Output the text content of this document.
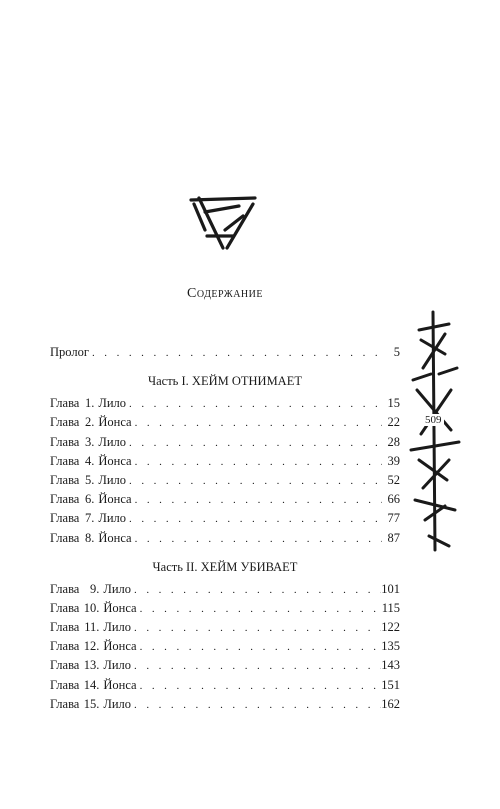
Содержание
Пролог . . .	5
Часть I. ХЕЙМ ОТНИМАЕТ
Глава 1. Лило . . .	15
Глава 2. Йонса . . .	22
Глава 3. Лило . . .	28
Глава 4. Йонса . . .	39
Глава 5. Лило . . .	52
Глава 6. Йонса . . .	66
Глава 7. Лило . . .	77
Глава 8. Йонса . . .	87
Часть II. ХЕЙМ УБИВАЕТ
Глава 9. Лило . . .	101
Глава 10. Йонса . . .	115
Глава 11. Лило . . .	122
Глава 12. Йонса . . .	135
Глава 13. Лило . . .	143
Глава 14. Йонса . . .	151
Глава 15. Лило . . .	162
509
